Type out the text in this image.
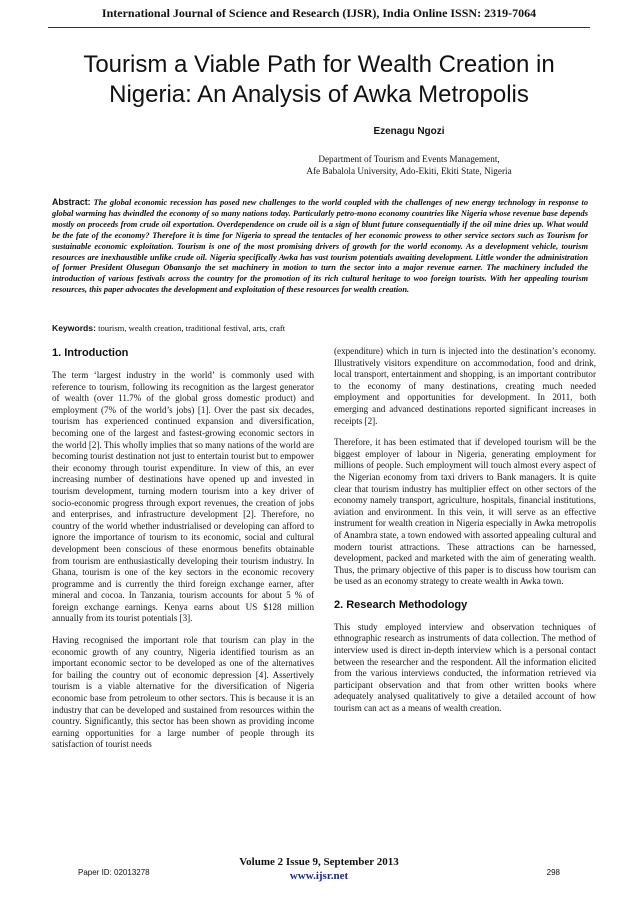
International Journal of Science and Research (IJSR), India Online ISSN: 2319-7064
Tourism a Viable Path for Wealth Creation in
Nigeria: An Analysis of Awka Metropolis
Ezenagu Ngozi
Department of Tourism and Events Management,
Afe Babalola University, Ado-Ekiti, Ekiti State, Nigeria
Abstract: The global economic recession has posed new challenges to the world coupled with the challenges of new energy technology in response to global warming has dwindled the economy of so many nations today. Particularly petro-mono economy countries like Nigeria whose revenue base depends mostly on proceeds from crude oil exportation. Overdependence on crude oil is a sign of blunt future consequentially if the oil mine dries up. What would be the fate of the economy? Therefore it is time for Nigeria to spread the tentacles of her economic prowess to other service sectors such as Tourism for sustainable economic exploitation. Tourism is one of the most promising drivers of growth for the world economy. As a development vehicle, tourism resources are inexhaustible unlike crude oil. Nigeria specifically Awka has vast tourism potentials awaiting development. Little wonder the administration of former President Olusegun Obansanjo the set machinery in motion to turn the sector into a major revenue earner. The machinery included the introduction of various festivals across the country for the promotion of its rich cultural heritage to woo foreign tourists. With her appealing tourism resources, this paper advocates the development and exploitation of these resources for wealth creation.
Keywords: tourism, wealth creation, traditional festival, arts, craft
1. Introduction

The term ‘largest industry in the world’ is commonly used with reference to tourism, following its recognition as the largest generator of wealth (over 11.7% of the global gross domestic product) and employment (7% of the world’s jobs) [1]. Over the past six decades, tourism has experienced continued expansion and diversification, becoming one of the largest and fastest-growing economic sectors in the world [2]. This wholly implies that so many nations of the world are becoming tourist destination not just to entertain tourist but to empower their economy through tourist expenditure. In view of this, an ever increasing number of destinations have opened up and invested in tourism development, turning modern tourism into a key driver of socio-economic progress through export revenues, the creation of jobs and enterprises, and infrastructure development [2]. Therefore, no country of the world whether industrialised or developing can afford to ignore the importance of tourism to its economic, social and cultural development been conscious of these enormous benefits obtainable from tourism are enthusiastically developing their tourism industry. In Ghana, tourism is one of the key sectors in the economic recovery programme and is currently the third foreign exchange earner, after mineral and cocoa. In Tanzania, tourism accounts for about 5 % of foreign exchange earnings. Kenya earns about US $128 million annually from its tourist potentials [3].

Having recognised the important role that tourism can play in the economic growth of any country, Nigeria identified tourism as an important economic sector to be developed as one of the alternatives for bailing the country out of economic depression [4]. Assertively tourism is a viable alternative for the diversification of Nigeria economic base from petroleum to other sectors. This is because it is an industry that can be developed and sustained from resources within the country. Significantly, this sector has been shown as providing income earning opportunities for a large number of people through its satisfaction of tourist needs

(expenditure) which in turn is injected into the destination’s economy. Illustratively visitors expenditure on accommodation, food and drink, local transport, entertainment and shopping, is an important contributor to the economy of many destinations, creating much needed employment and opportunities for development. In 2011, both emerging and advanced destinations reported significant increases in receipts [2].

Therefore, it has been estimated that if developed tourism will be the biggest employer of labour in Nigeria, generating employment for millions of people. Such employment will touch almost every aspect of the Nigerian economy from taxi drivers to Bank managers. It is quite clear that tourism industry has multiplier effect on other sectors of the economy namely transport, agriculture, hospitals, financial institutions, aviation and environment. In this vein, it will serve as an effective instrument for wealth creation in Nigeria especially in Awka metropolis of Anambra state, a town endowed with assorted appealing cultural and modern tourist attractions. These attractions can be harnessed, development, packed and marketed with the aim of generating wealth. Thus, the primary objective of this paper is to discuss how tourism can be used as an economy strategy to create wealth in Awka town.

2. Research Methodology

This study employed interview and observation techniques of ethnographic research as instruments of data collection. The method of interview used is direct in-depth interview which is a personal contact between the researcher and the respondent. All the information elicited from the various interviews conducted, the information retrieved via participant observation and that from other written books where adequately analysed qualitatively to give a detailed account of how tourism can act as a means of wealth creation.

Volume 2 Issue 9, September 2013
www.ijsr.net
Paper ID: 02013278	298
